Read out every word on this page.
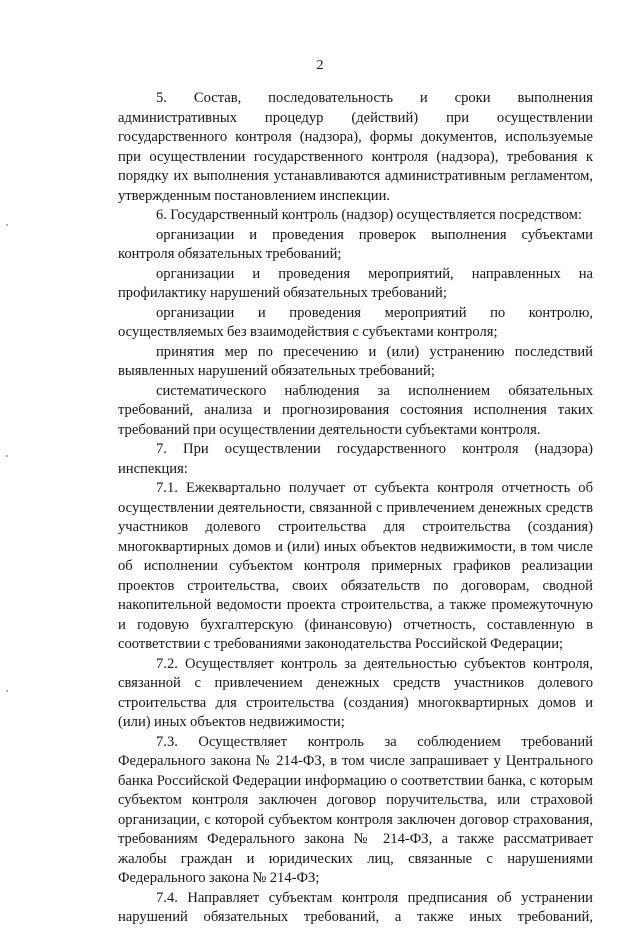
2

5. Состав, последовательность и сроки выполнения административных процедур (действий) при осуществлении государственного контроля (надзора), формы документов, используемые при осуществлении государственного контроля (надзора), требования к порядку их выполнения устанавливаются административным регламентом, утвержденным постановлением инспекции.

6. Государственный контроль (надзор) осуществляется посредством:

организации и проведения проверок выполнения субъектами контроля обязательных требований;

организации и проведения мероприятий, направленных на профилактику нарушений обязательных требований;

организации и проведения мероприятий по контролю, осуществляемых без взаимодействия с субъектами контроля;

принятия мер по пресечению и (или) устранению последствий выявленных нарушений обязательных требований;

систематического наблюдения за исполнением обязательных требований, анализа и прогнозирования состояния исполнения таких требований при осуществлении деятельности субъектами контроля.

7. При осуществлении государственного контроля (надзора) инспекция:

7.1. Ежеквартально получает от субъекта контроля отчетность об осуществлении деятельности, связанной с привлечением денежных средств участников долевого строительства для строительства (создания) многоквартирных домов и (или) иных объектов недвижимости, в том числе об исполнении субъектом контроля примерных графиков реализации проектов строительства, своих обязательств по договорам, сводной накопительной ведомости проекта строительства, а также промежуточную и годовую бухгалтерскую (финансовую) отчетность, составленную в соответствии с требованиями законодательства Российской Федерации;

7.2. Осуществляет контроль за деятельностью субъектов контроля, связанной с привлечением денежных средств участников долевого строительства для строительства (создания) многоквартирных домов и (или) иных объектов недвижимости;

7.3. Осуществляет контроль за соблюдением требований Федерального закона № 214-ФЗ, в том числе запрашивает у Центрального банка Российской Федерации информацию о соответствии банка, с которым субъектом контроля заключен договор поручительства, или страховой организации, с которой субъектом контроля заключен договор страхования, требованиям Федерального закона № 214-ФЗ, а также рассматривает жалобы граждан и юридических лиц, связанные с нарушениями Федерального закона № 214-ФЗ;

7.4. Направляет субъектам контроля предписания об устранении нарушений обязательных требований, а также иных требований,
